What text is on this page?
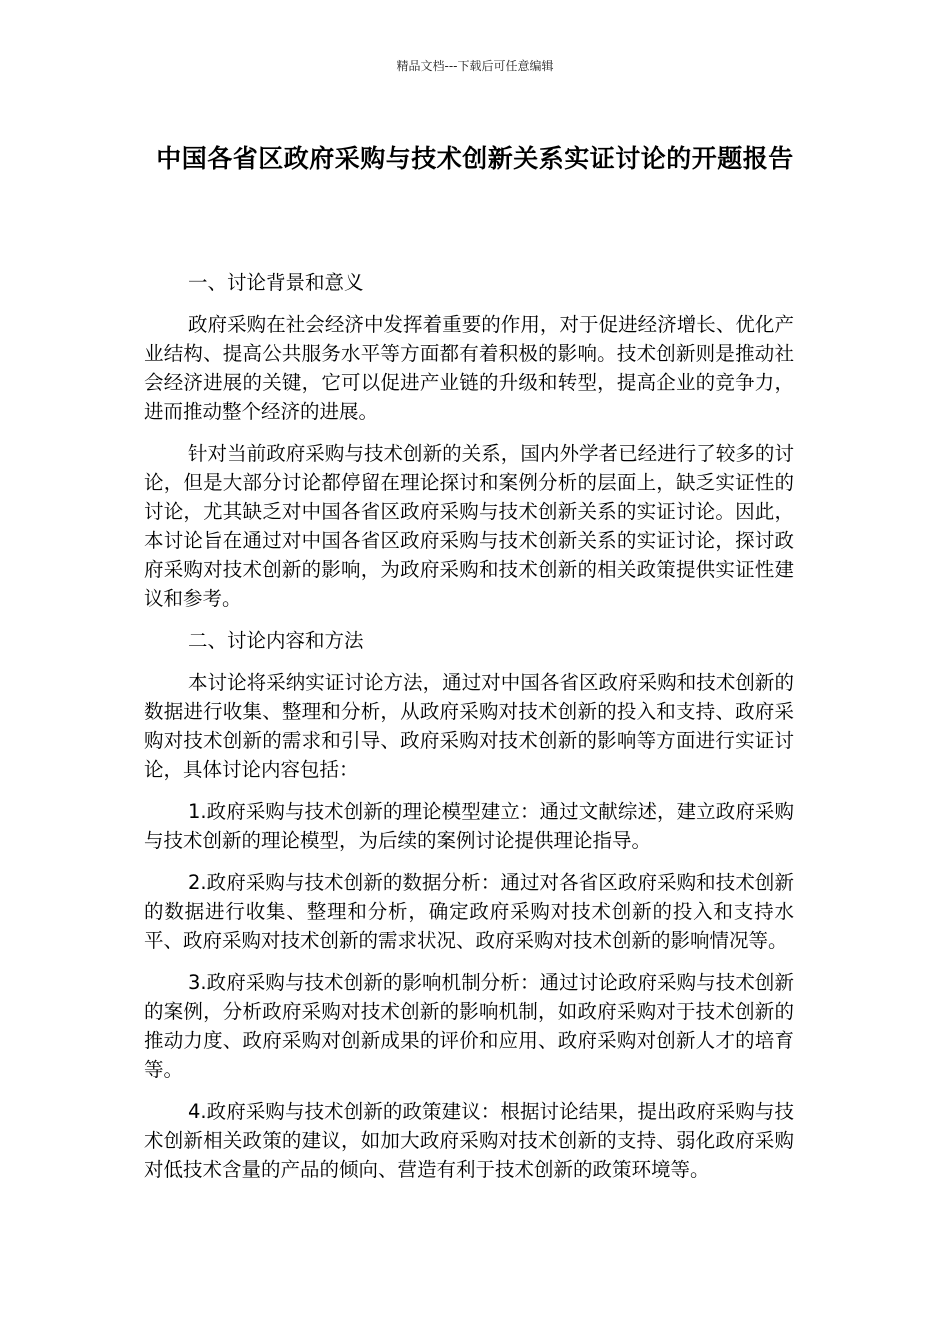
精品文档---下载后可任意编辑
中国各省区政府采购与技术创新关系实证讨论的开题报告

一、讨论背景和意义

政府采购在社会经济中发挥着重要的作用，对于促进经济增长、优化产业结构、提高公共服务水平等方面都有着积极的影响。技术创新则是推动社会经济进展的关键，它可以促进产业链的升级和转型，提高企业的竞争力，进而推动整个经济的进展。

针对当前政府采购与技术创新的关系，国内外学者已经进行了较多的讨论，但是大部分讨论都停留在理论探讨和案例分析的层面上，缺乏实证性的讨论，尤其缺乏对中国各省区政府采购与技术创新关系的实证讨论。因此，本讨论旨在通过对中国各省区政府采购与技术创新关系的实证讨论，探讨政府采购对技术创新的影响，为政府采购和技术创新的相关政策提供实证性建议和参考。

二、讨论内容和方法

本讨论将采纳实证讨论方法，通过对中国各省区政府采购和技术创新的数据进行收集、整理和分析，从政府采购对技术创新的投入和支持、政府采购对技术创新的需求和引导、政府采购对技术创新的影响等方面进行实证讨论，具体讨论内容包括：

1.政府采购与技术创新的理论模型建立：通过文献综述，建立政府采购与技术创新的理论模型，为后续的案例讨论提供理论指导。

2.政府采购与技术创新的数据分析：通过对各省区政府采购和技术创新的数据进行收集、整理和分析，确定政府采购对技术创新的投入和支持水平、政府采购对技术创新的需求状况、政府采购对技术创新的影响情况等。

3.政府采购与技术创新的影响机制分析：通过讨论政府采购与技术创新的案例，分析政府采购对技术创新的影响机制，如政府采购对于技术创新的推动力度、政府采购对创新成果的评价和应用、政府采购对创新人才的培育等。

4.政府采购与技术创新的政策建议：根据讨论结果，提出政府采购与技术创新相关政策的建议，如加大政府采购对技术创新的支持、弱化政府采购对低技术含量的产品的倾向、营造有利于技术创新的政策环境等。
